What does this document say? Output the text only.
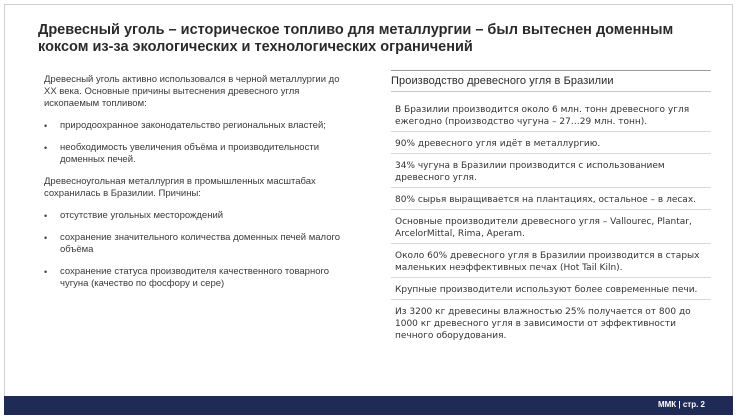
Древесный уголь – историческое топливо для металлургии – был вытеснен доменным коксом из-за экологических и технологических ограничений

Древесный уголь активно использовался в черной металлургии до XX века. Основные причины вытеснения древесного угля ископаемым топливом:

• природоохранное законодательство региональных властей;
• необходимость увеличения объёма и производительности доменных печей.

Древесноугольная металлургия в промышленных масштабах сохранилась в Бразилии. Причины:

• отсутствие угольных месторождений
• сохранение значительного количества доменных печей малого объёма
• сохранение статуса производителя качественного товарного чугуна (качество по фосфору и сере)
Производство древесного угля в Бразилии
В Бразилии производится около 6 млн. тонн древесного угля ежегодно (производство чугуна – 27…29 млн. тонн).
90% древесного угля идёт в металлургию.
34% чугуна в Бразилии производится с использованием древесного угля.
80% сырья выращивается на плантациях, остальное – в лесах.
Основные производители древесного угля – Vallourec, Plantar, ArcelorMittal, Rima, Aperam.
Около 60% древесного угля в Бразилии производится в старых маленьких неэффективных печах (Hot Tail Kiln).
Крупные производители используют более современные печи.
Из 3200 кг древесины влажностью 25% получается от 800 до 1000 кг древесного угля в зависимости от эффективности печного оборудования.
ММК | стр. 2
